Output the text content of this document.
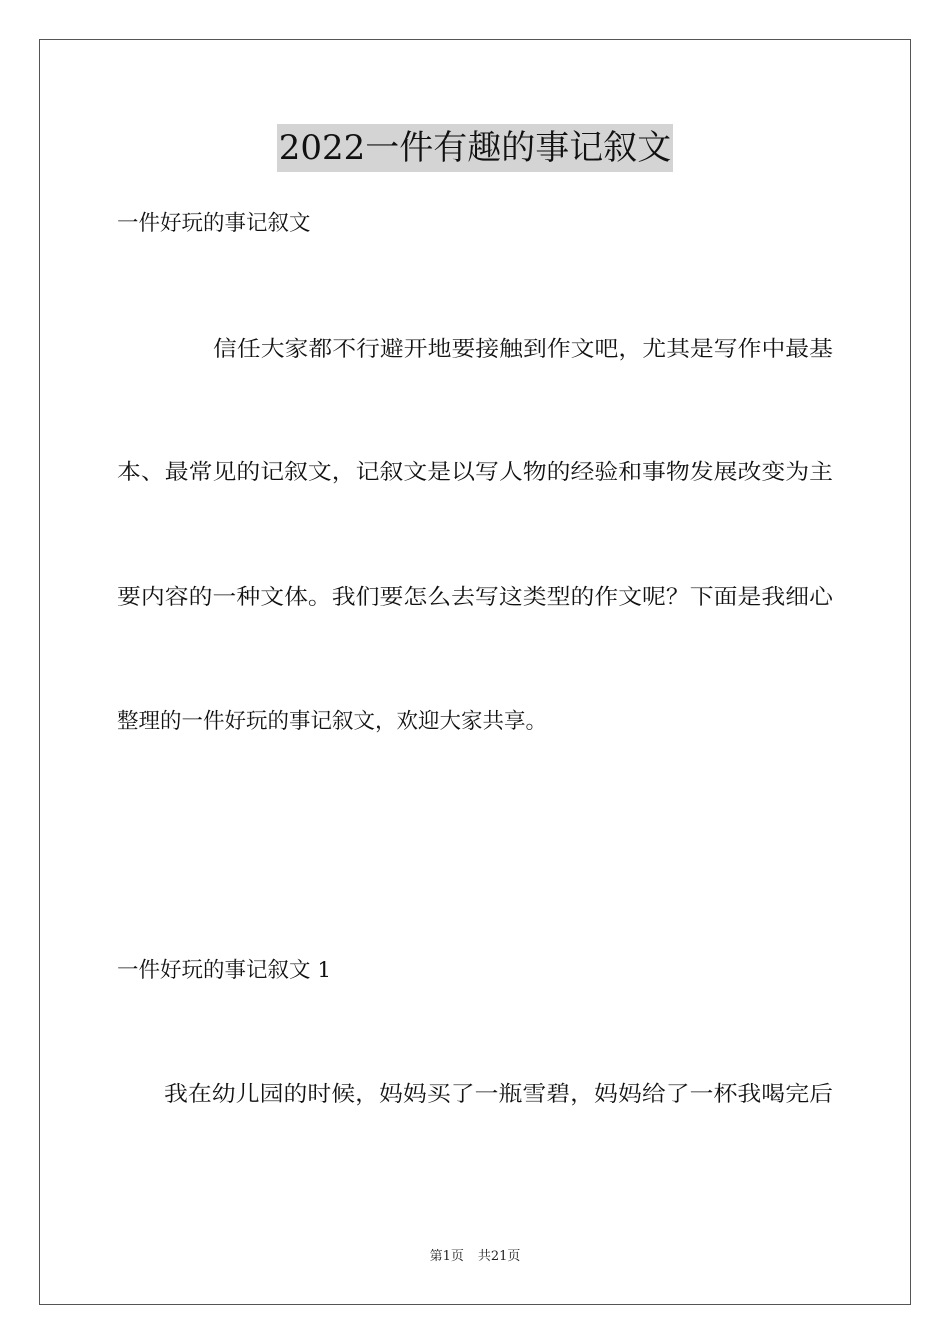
2022一件有趣的事记叙文
一件好玩的事记叙文
信任大家都不行避开地要接触到作文吧，尤其是写作中最基
本、最常见的记叙文，记叙文是以写人物的经验和事物发展改变为主
要内容的一种文体。我们要怎么去写这类型的作文呢？下面是我细心
整理的一件好玩的事记叙文，欢迎大家共享。
一件好玩的事记叙文 1
我在幼儿园的时候，妈妈买了一瓶雪碧，妈妈给了一杯我喝完后
第1页 共21页
